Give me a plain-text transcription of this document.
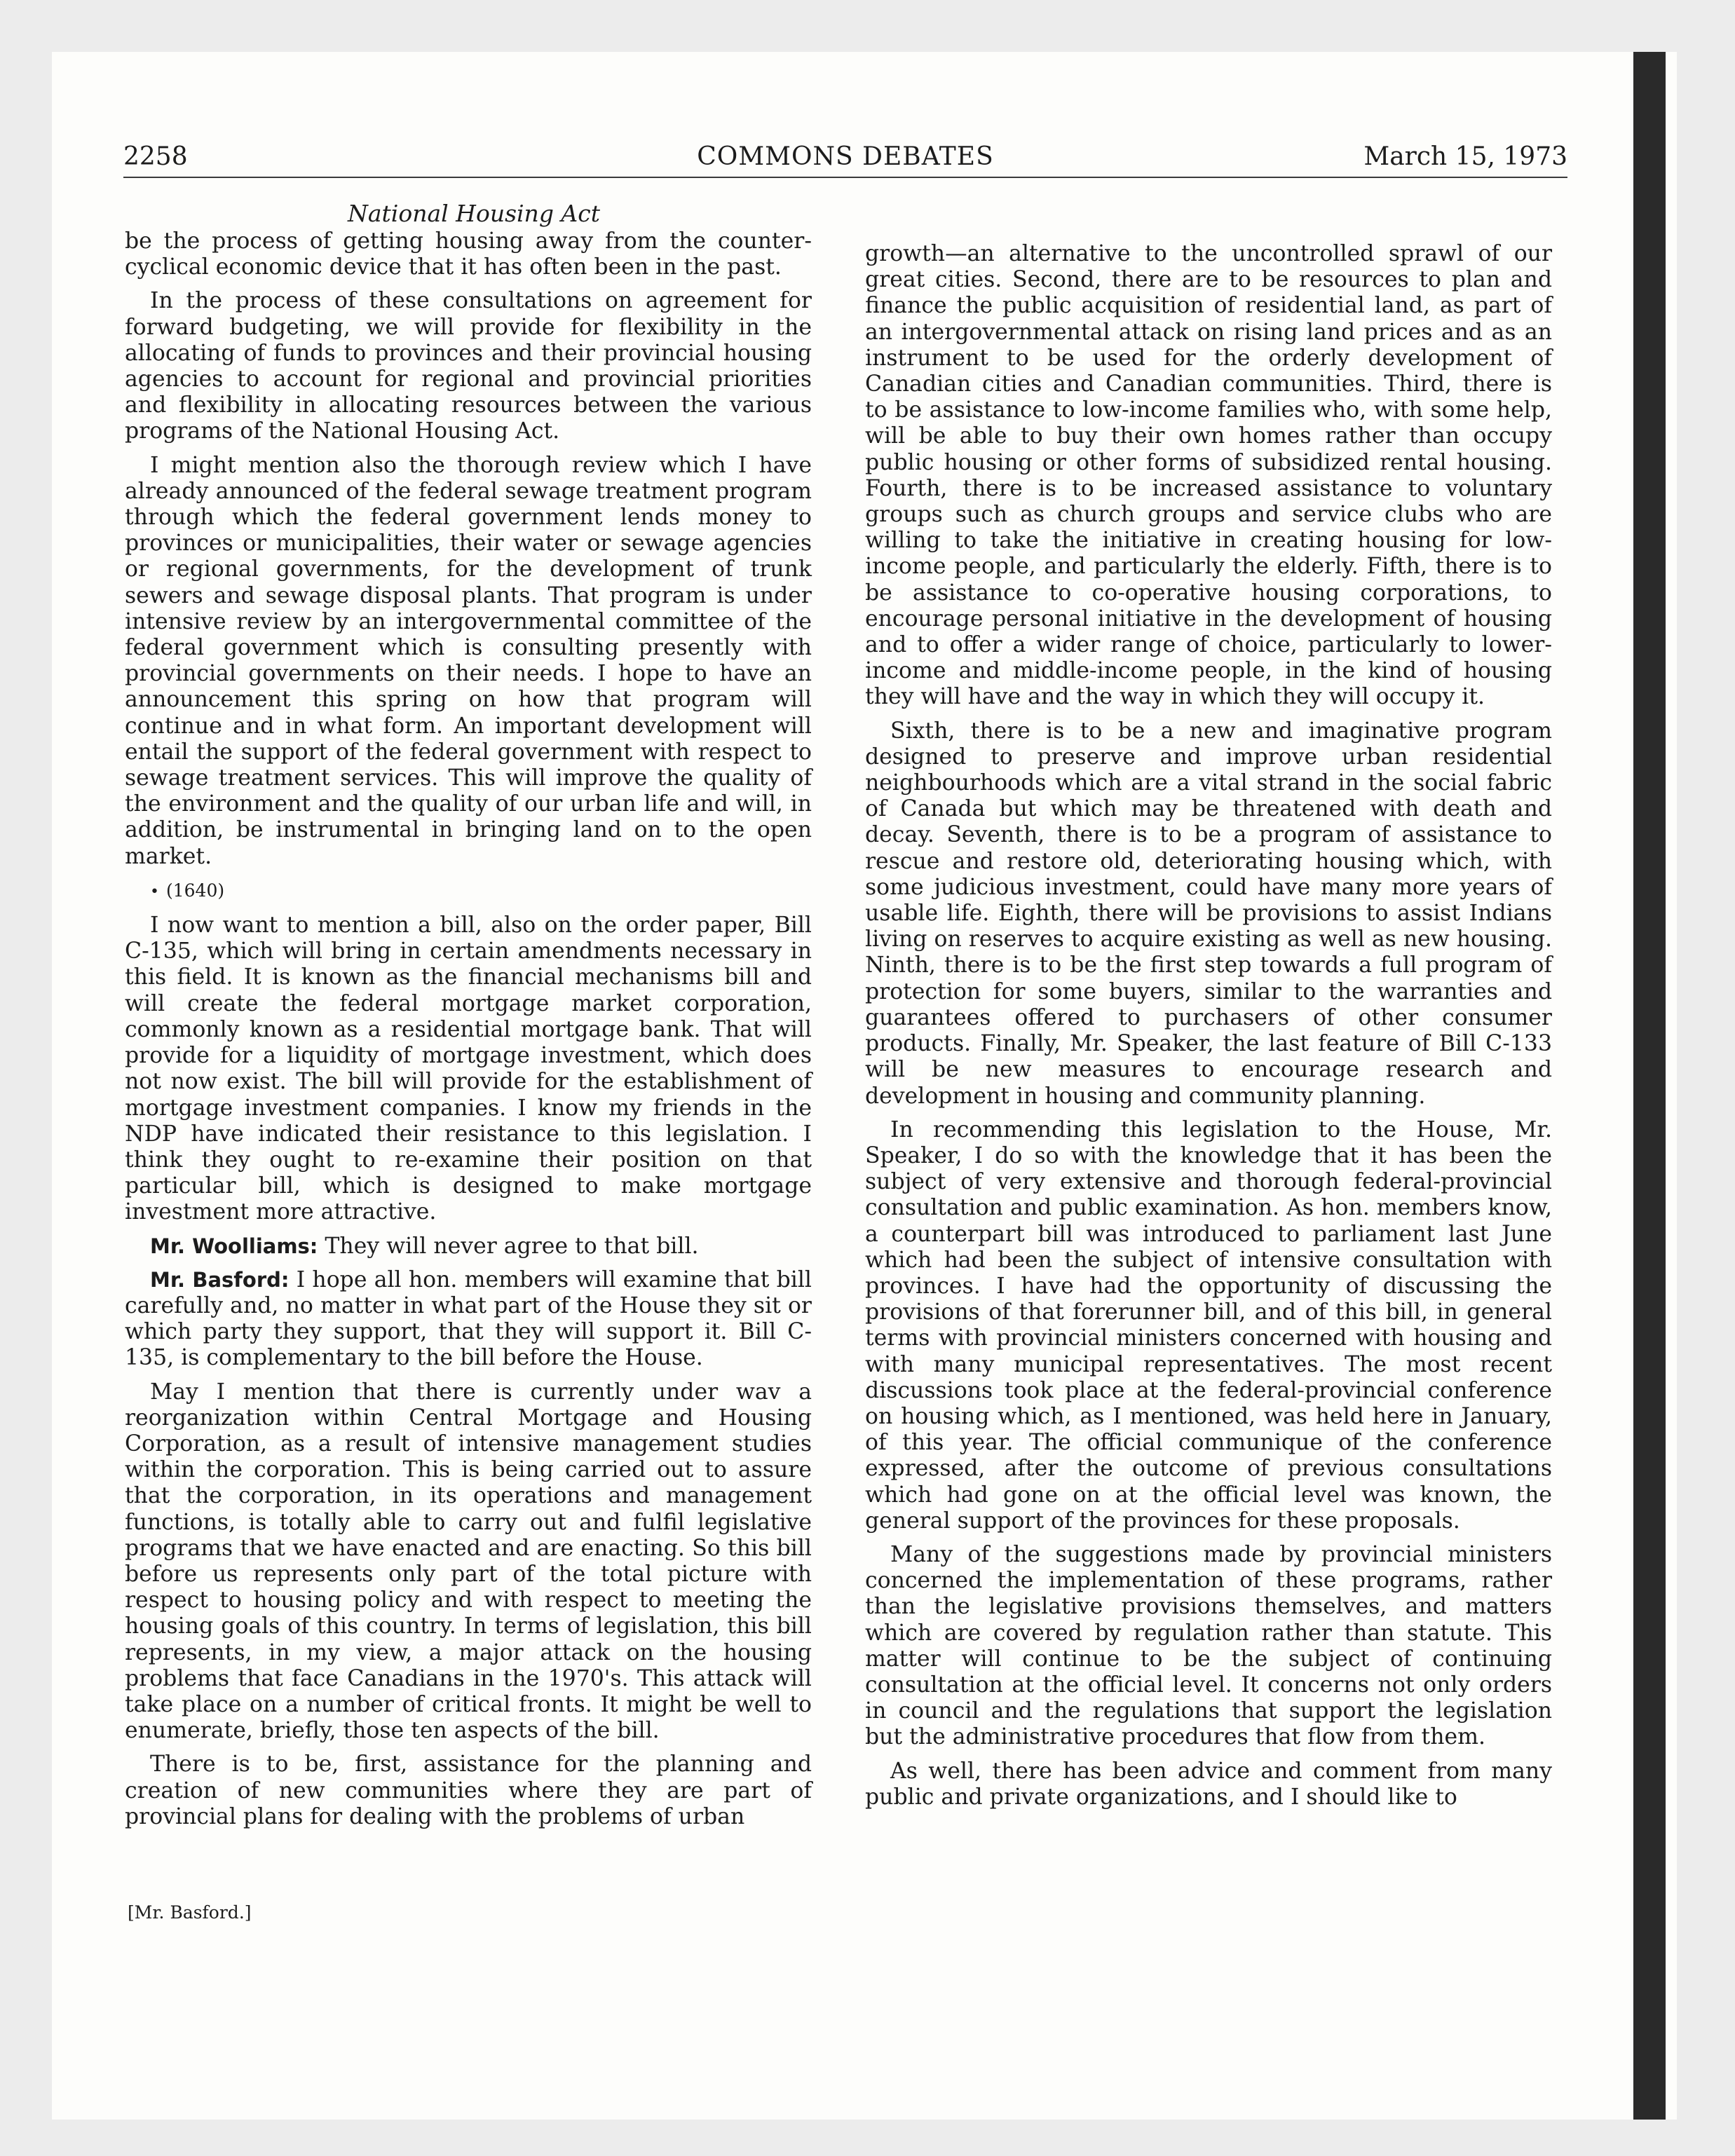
2258	COMMONS DEBATES	March 15, 1973
National Housing Act

be the process of getting housing away from the counter-cyclical economic device that it has often been in the past.

In the process of these consultations on agreement for forward budgeting, we will provide for flexibility in the allocating of funds to provinces and their provincial housing agencies to account for regional and provincial priorities and flexibility in allocating resources between the various programs of the National Housing Act.

I might mention also the thorough review which I have already announced of the federal sewage treatment program through which the federal government lends money to provinces or municipalities, their water or sewage agencies or regional governments, for the development of trunk sewers and sewage disposal plants. That program is under intensive review by an intergovernmental committee of the federal government which is consulting presently with provincial governments on their needs. I hope to have an announcement this spring on how that program will continue and in what form. An important development will entail the support of the federal government with respect to sewage treatment services. This will improve the quality of the environment and the quality of our urban life and will, in addition, be instrumental in bringing land on to the open market.

• (1640)

I now want to mention a bill, also on the order paper, Bill C-135, which will bring in certain amendments necessary in this field. It is known as the financial mechanisms bill and will create the federal mortgage market corporation, commonly known as a residential mortgage bank. That will provide for a liquidity of mortgage investment, which does not now exist. The bill will provide for the establishment of mortgage investment companies. I know my friends in the NDP have indicated their resistance to this legislation. I think they ought to re-examine their position on that particular bill, which is designed to make mortgage investment more attractive.

Mr. Woolliams: They will never agree to that bill.

Mr. Basford: I hope all hon. members will examine that bill carefully and, no matter in what part of the House they sit or which party they support, that they will support it. Bill C-135, is complementary to the bill before the House.

May I mention that there is currently under wav a reorganization within Central Mortgage and Housing Corporation, as a result of intensive management studies within the corporation. This is being carried out to assure that the corporation, in its operations and management functions, is totally able to carry out and fulfil legislative programs that we have enacted and are enacting. So this bill before us represents only part of the total picture with respect to housing policy and with respect to meeting the housing goals of this country. In terms of legislation, this bill represents, in my view, a major attack on the housing problems that face Canadians in the 1970's. This attack will take place on a number of critical fronts. It might be well to enumerate, briefly, those ten aspects of the bill.

There is to be, first, assistance for the planning and creation of new communities where they are part of provincial plans for dealing with the problems of urban

growth—an alternative to the uncontrolled sprawl of our great cities. Second, there are to be resources to plan and finance the public acquisition of residential land, as part of an intergovernmental attack on rising land prices and as an instrument to be used for the orderly development of Canadian cities and Canadian communities. Third, there is to be assistance to low-income families who, with some help, will be able to buy their own homes rather than occupy public housing or other forms of subsidized rental housing. Fourth, there is to be increased assistance to voluntary groups such as church groups and service clubs who are willing to take the initiative in creating housing for low-income people, and particularly the elderly. Fifth, there is to be assistance to co-operative housing corporations, to encourage personal initiative in the development of housing and to offer a wider range of choice, particularly to lower-income and middle-income people, in the kind of housing they will have and the way in which they will occupy it.

Sixth, there is to be a new and imaginative program designed to preserve and improve urban residential neighbourhoods which are a vital strand in the social fabric of Canada but which may be threatened with death and decay. Seventh, there is to be a program of assistance to rescue and restore old, deteriorating housing which, with some judicious investment, could have many more years of usable life. Eighth, there will be provisions to assist Indians living on reserves to acquire existing as well as new housing. Ninth, there is to be the first step towards a full program of protection for some buyers, similar to the warranties and guarantees offered to purchasers of other consumer products. Finally, Mr. Speaker, the last feature of Bill C-133 will be new measures to encourage research and development in housing and community planning.

In recommending this legislation to the House, Mr. Speaker, I do so with the knowledge that it has been the subject of very extensive and thorough federal-provincial consultation and public examination. As hon. members know, a counterpart bill was introduced to parliament last June which had been the subject of intensive consultation with provinces. I have had the opportunity of discussing the provisions of that forerunner bill, and of this bill, in general terms with provincial ministers concerned with housing and with many municipal representatives. The most recent discussions took place at the federal-provincial conference on housing which, as I mentioned, was held here in January, of this year. The official communique of the conference expressed, after the outcome of previous consultations which had gone on at the official level was known, the general support of the provinces for these proposals.

Many of the suggestions made by provincial ministers concerned the implementation of these programs, rather than the legislative provisions themselves, and matters which are covered by regulation rather than statute. This matter will continue to be the subject of continuing consultation at the official level. It concerns not only orders in council and the regulations that support the legislation but the administrative procedures that flow from them.

As well, there has been advice and comment from many public and private organizations, and I should like to

[Mr. Basford.]
